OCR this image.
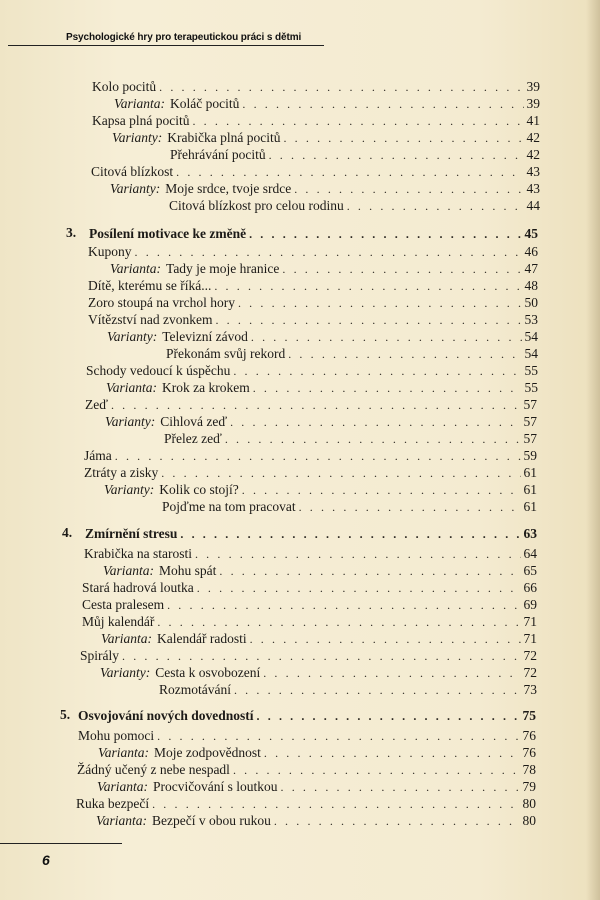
Psychologické hry pro terapeutickou práci s dětmi
Kolo pocitů . . .	39
Varianta: Koláč pocitů . . .	39
Kapsa plná pocitů . . .	41
Varianty: Krabička plná pocitů . . .	42
Přehrávání pocitů . . .	42
Citová blízkost . . .	43
Varianty: Moje srdce, tvoje srdce . . .	43
Citová blízkost pro celou rodinu . . .	44
3. Posílení motivace ke změně . . .	45
Kupony . . .	46
Varianta: Tady je moje hranice . . .	47
Dítě, kterému se říká... . . .	48
Zoro stoupá na vrchol hory . . .	50
Vítězství nad zvonkem . . .	53
Varianty: Televizní závod . . .	54
Překonám svůj rekord . . .	54
Schody vedoucí k úspěchu . . .	55
Varianta: Krok za krokem . . .	55
Zeď . . .	57
Varianty: Cihlová zeď . . .	57
Přelez zeď . . .	57
Jáma . . .	59
Ztráty a zisky . . .	61
Varianty: Kolik co stojí? . . .	61
Pojďme na tom pracovat . . .	61
4. Zmírnění stresu . . .	63
Krabička na starosti . . .	64
Varianta: Mohu spát . . .	65
Stará hadrová loutka . . .	66
Cesta pralesem . . .	69
Můj kalendář . . .	71
Varianta: Kalendář radosti . . .	71
Spirály . . .	72
Varianty: Cesta k osvobození . . .	72
Rozmotávání . . .	73
5. Osvojování nových dovedností . . .	75
Mohu pomoci . . .	76
Varianta: Moje zodpovědnost . . .	76
Žádný učený z nebe nespadl . . .	78
Varianta: Procvičování s loutkou . . .	79
Ruka bezpečí . . .	80
Varianta: Bezpečí v obou rukou . . .	80
6
